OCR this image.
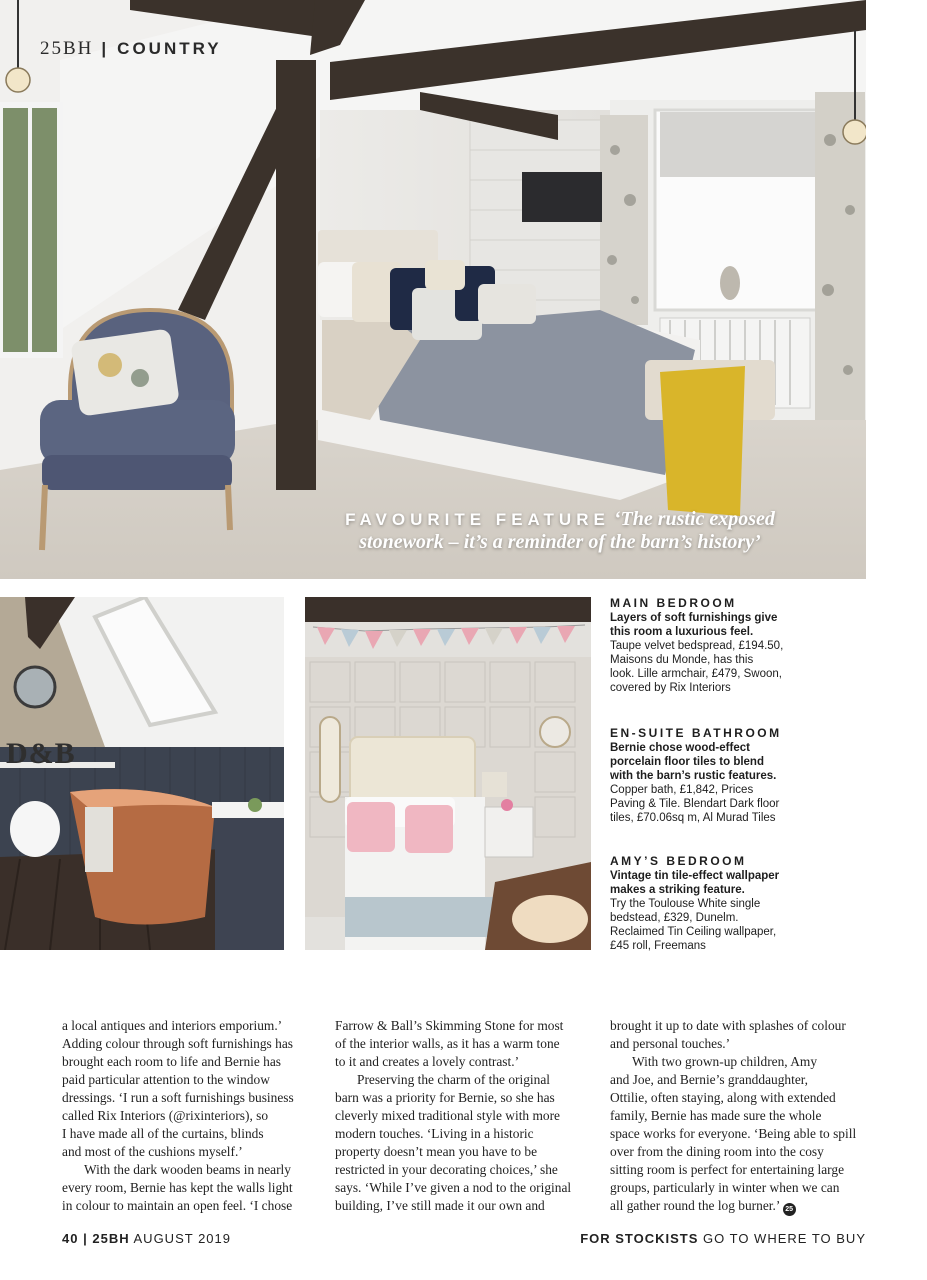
25BH | COUNTRY
FAVOURITE FEATURE ‘The rustic exposed
stonework – it’s a reminder of the barn’s history’
D&B
MAIN BEDROOM
Layers of soft furnishings give
this room a luxurious feel.
Taupe velvet bedspread, £194.50,
Maisons du Monde, has this
look. Lille armchair, £479, Swoon,
covered by Rix Interiors
EN-SUITE BATHROOM
Bernie chose wood-effect
porcelain floor tiles to blend
with the barn’s rustic features.
Copper bath, £1,842, Prices
Paving & Tile. Blendart Dark floor
tiles, £70.06sq m, Al Murad Tiles
AMY’S BEDROOM
Vintage tin tile-effect wallpaper
makes a striking feature.
Try the Toulouse White single
bedstead, £329, Dunelm.
Reclaimed Tin Ceiling wallpaper,
£45 roll, Freemans
a local antiques and interiors emporium.’
Adding colour through soft furnishings has
brought each room to life and Bernie has
paid particular attention to the window
dressings. ‘I run a soft furnishings business
called Rix Interiors (@rixinteriors), so
I have made all of the curtains, blinds
and most of the cushions myself.’
With the dark wooden beams in nearly
every room, Bernie has kept the walls light
in colour to maintain an open feel. ‘I chose
Farrow & Ball’s Skimming Stone for most
of the interior walls, as it has a warm tone
to it and creates a lovely contrast.’
Preserving the charm of the original
barn was a priority for Bernie, so she has
cleverly mixed traditional style with more
modern touches. ‘Living in a historic
property doesn’t mean you have to be
restricted in your decorating choices,’ she
says. ‘While I’ve given a nod to the original
building, I’ve still made it our own and
brought it up to date with splashes of colour
and personal touches.’
With two grown-up children, Amy
and Joe, and Bernie’s granddaughter,
Ottilie, often staying, along with extended
family, Bernie has made sure the whole
space works for everyone. ‘Being able to spill
over from the dining room into the cosy
sitting room is perfect for entertaining large
groups, particularly in winter when we can
all gather round the log burner.’ 25
40 | 25BH AUGUST 2019	FOR STOCKISTS GO TO WHERE TO BUY
